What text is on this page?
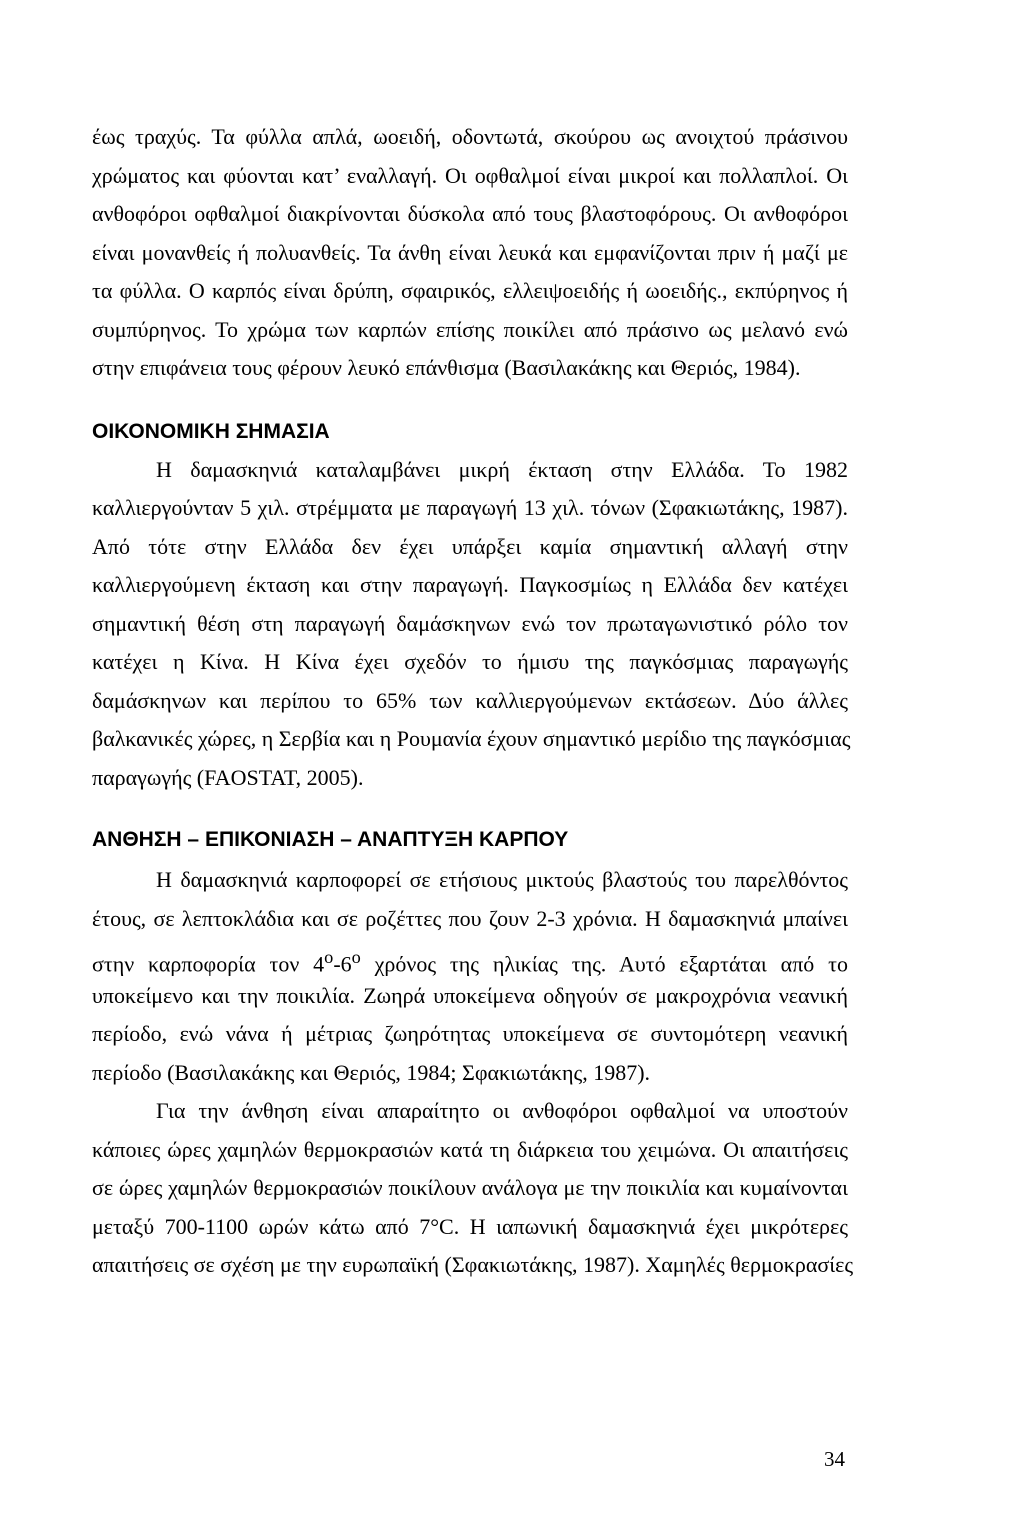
έως τραχύς. Τα φύλλα απλά, ωοειδή, οδοντωτά, σκούρου ως ανοιχτού πράσινου
χρώματος και φύονται κατ’ εναλλαγή. Οι οφθαλμοί είναι μικροί και πολλαπλοί. Οι
ανθοφόροι οφθαλμοί διακρίνονται δύσκολα από τους βλαστοφόρους. Οι ανθοφόροι
είναι μονανθείς ή πολυανθείς. Τα άνθη είναι λευκά και εμφανίζονται πριν ή μαζί με
τα φύλλα. Ο καρπός είναι δρύπη, σφαιρικός, ελλειψοειδής ή ωοειδής., εκπύρηνος ή
συμπύρηνος. Το χρώμα των καρπών επίσης ποικίλει από πράσινο ως μελανό ενώ
στην επιφάνεια τους φέρουν λευκό επάνθισμα (Βασιλακάκης και Θεριός, 1984).
ΟΙΚΟΝΟΜΙΚΗ ΣΗΜΑΣΙΑ
Η δαμασκηνιά καταλαμβάνει μικρή έκταση στην Ελλάδα. Το 1982
καλλιεργούνταν 5 χιλ. στρέμματα με παραγωγή 13 χιλ. τόνων (Σφακιωτάκης, 1987).
Από τότε στην Ελλάδα δεν έχει υπάρξει καμία σημαντική αλλαγή στην
καλλιεργούμενη έκταση και στην παραγωγή. Παγκοσμίως η Ελλάδα δεν κατέχει
σημαντική θέση στη παραγωγή δαμάσκηνων ενώ τον πρωταγωνιστικό ρόλο τον
κατέχει η Κίνα. Η Κίνα έχει σχεδόν το ήμισυ της παγκόσμιας παραγωγής
δαμάσκηνων και περίπου το 65% των καλλιεργούμενων εκτάσεων. Δύο άλλες
βαλκανικές χώρες, η Σερβία και η Ρουμανία έχουν σημαντικό μερίδιο της παγκόσμιας
παραγωγής (FAOSTAT, 2005).
ΑΝΘΗΣΗ – ΕΠΙΚΟΝΙΑΣΗ – ΑΝΑΠΤΥΞΗ ΚΑΡΠΟΥ
Η δαμασκηνιά καρποφορεί σε ετήσιους μικτούς βλαστούς του παρελθόντος
έτους, σε λεπτοκλάδια και σε ροζέττες που ζουν 2-3 χρόνια. Η δαμασκηνιά μπαίνει
στην καρποφορία τον $4^o-6^o$ χρόνος της ηλικίας της. Αυτό εξαρτάται από το
υποκείμενο και την ποικιλία. Ζωηρά υποκείμενα οδηγούν σε μακροχρόνια νεανική
περίοδο, ενώ νάνα ή μέτριας ζωηρότητας υποκείμενα σε συντομότερη νεανική
περίοδο (Βασιλακάκης και Θεριός, 1984; Σφακιωτάκης, 1987).
Για την άνθηση είναι απαραίτητο οι ανθοφόροι οφθαλμοί να υποστούν
κάποιες ώρες χαμηλών θερμοκρασιών κατά τη διάρκεια του χειμώνα. Οι απαιτήσεις
σε ώρες χαμηλών θερμοκρασιών ποικίλουν ανάλογα με την ποικιλία και κυμαίνονται
μεταξύ 700-1100 ωρών κάτω από 7°C. Η ιαπωνική δαμασκηνιά έχει μικρότερες
απαιτήσεις σε σχέση με την ευρωπαϊκή (Σφακιωτάκης, 1987). Χαμηλές θερμοκρασίες
34
